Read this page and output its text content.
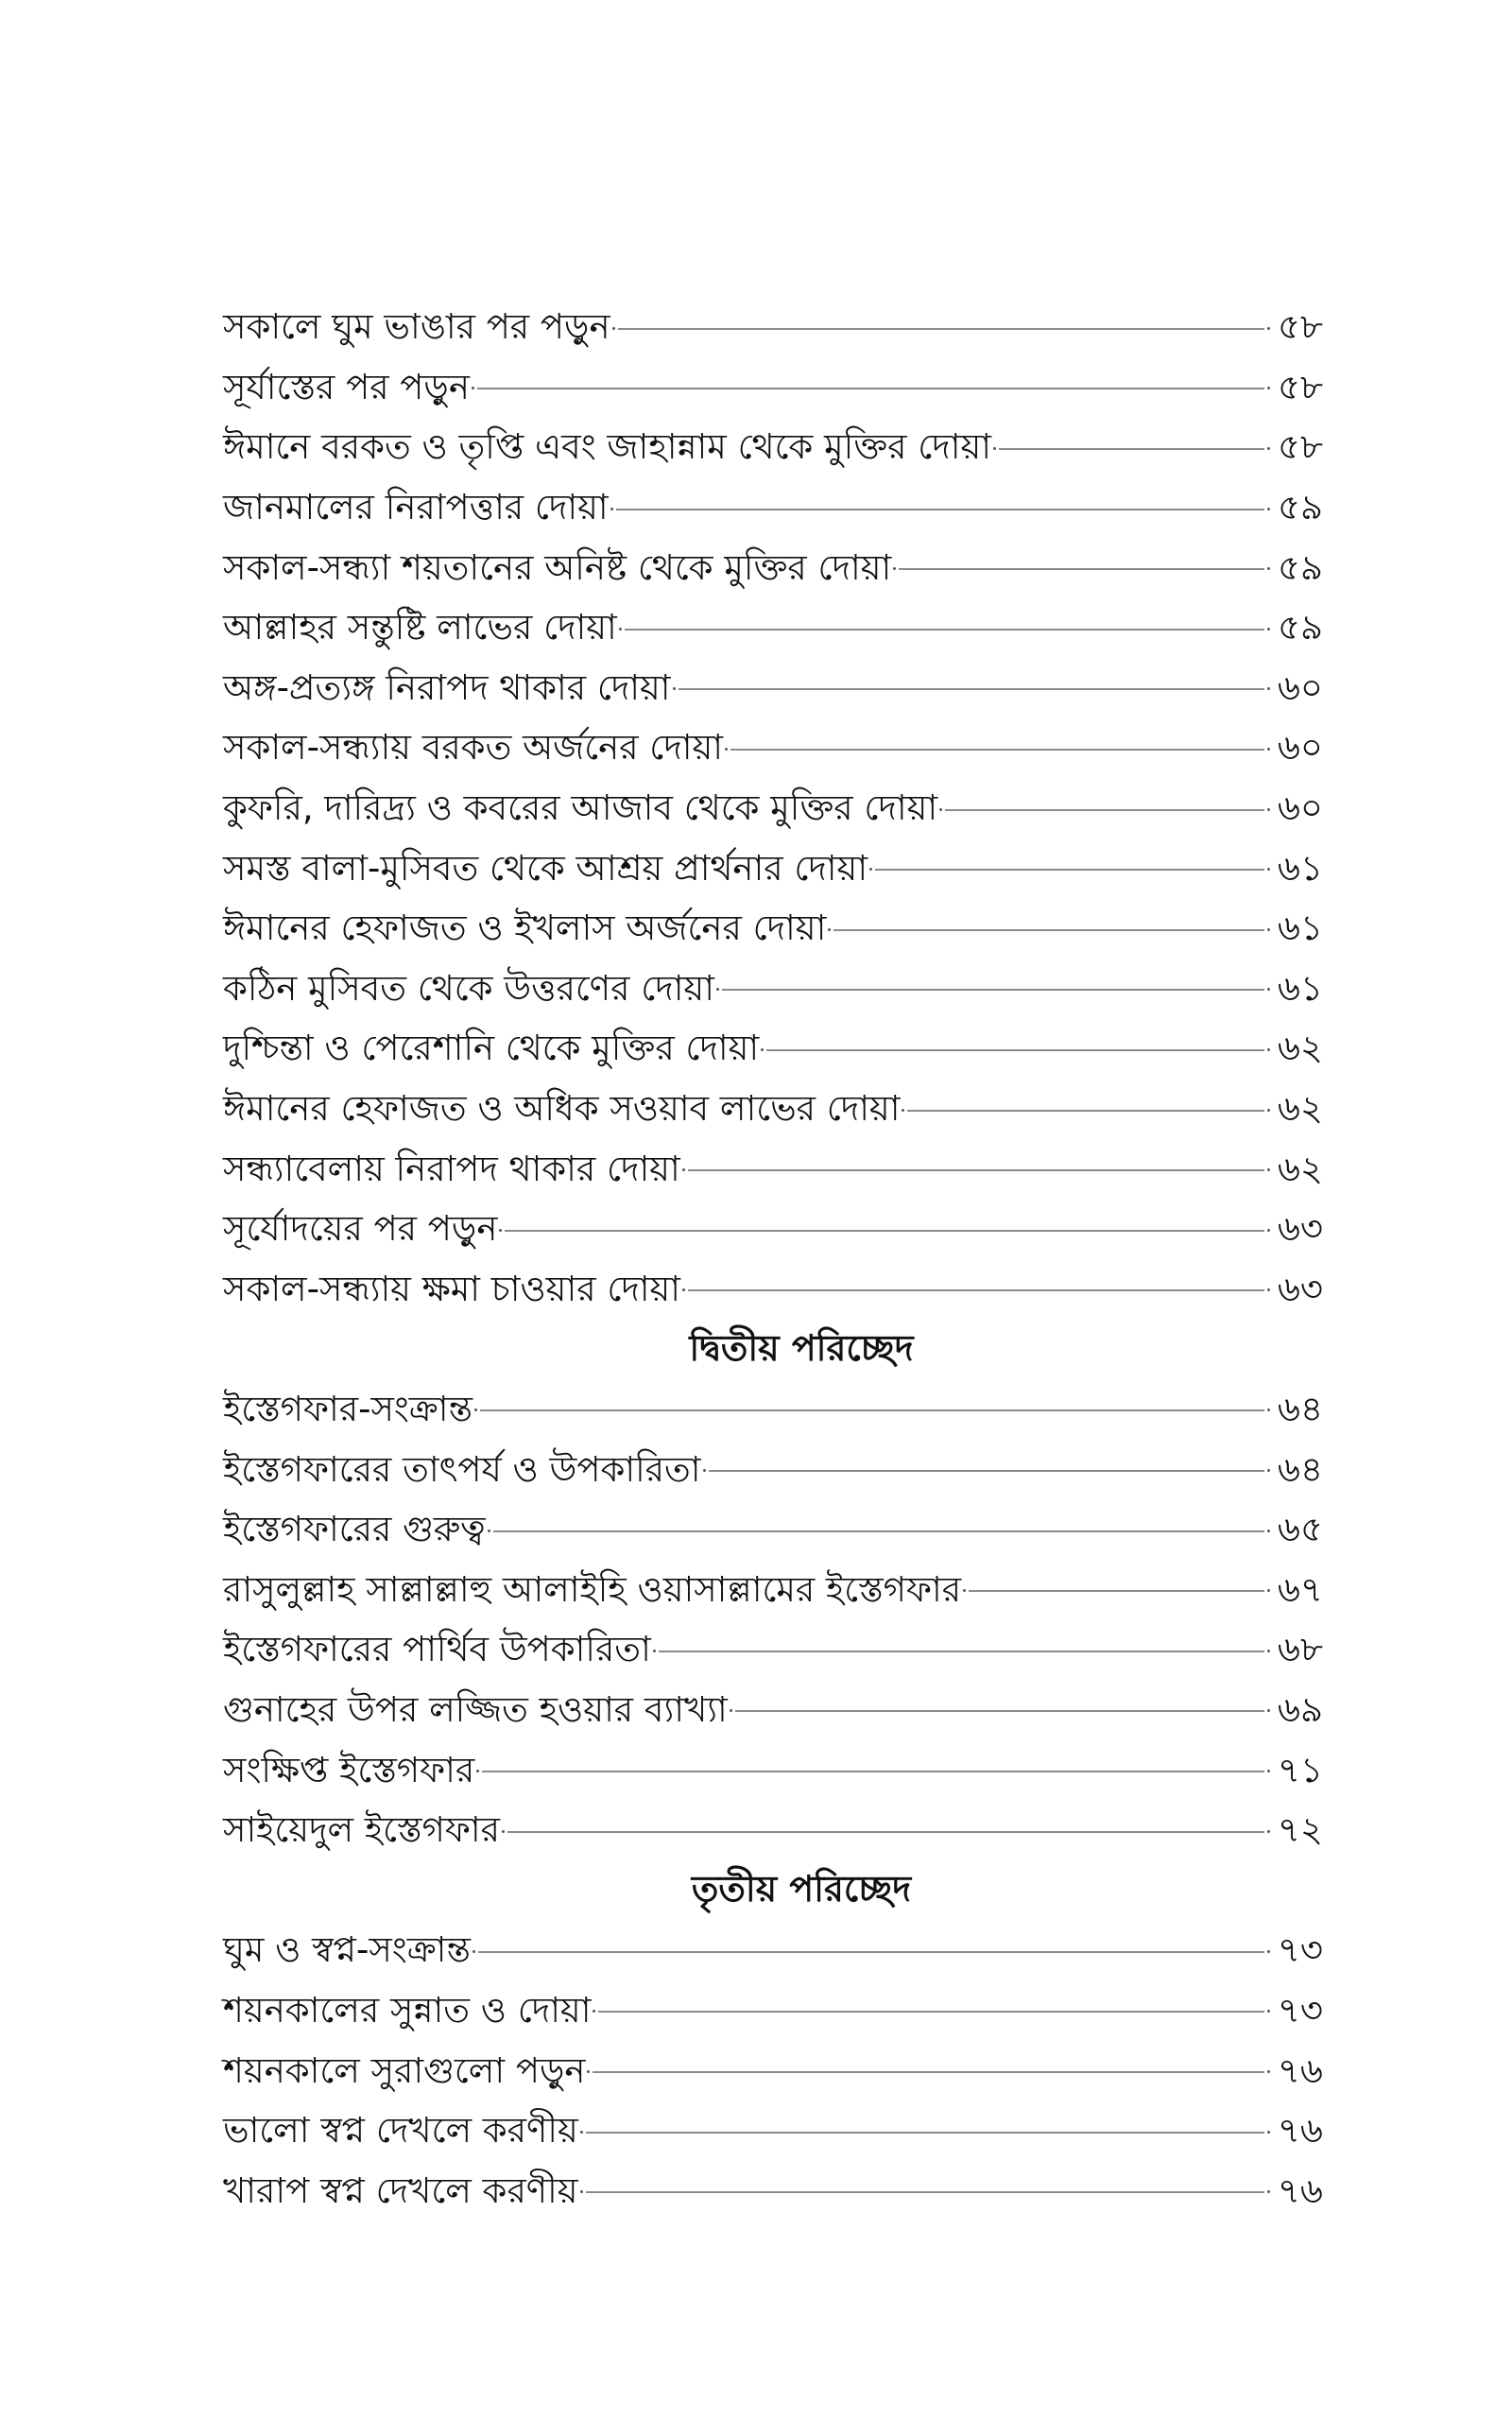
সকালে ঘুম ভাঙার পর পড়ুন	৫৮
সূর্যাস্তের পর পড়ুন	৫৮
ঈমানে বরকত ও তৃপ্তি এবং জাহান্নাম থেকে মুক্তির দোয়া	৫৮
জানমালের নিরাপত্তার দোয়া	৫৯
সকাল-সন্ধ্যা শয়তানের অনিষ্ট থেকে মুক্তির দোয়া	৫৯
আল্লাহর সন্তুষ্টি লাভের দোয়া	৫৯
অঙ্গ-প্রত্যঙ্গ নিরাপদ থাকার দোয়া	৬০
সকাল-সন্ধ্যায় বরকত অর্জনের দোয়া	৬০
কুফরি, দারিদ্র্য ও কবরের আজাব থেকে মুক্তির দোয়া	৬০
সমস্ত বালা-মুসিবত থেকে আশ্রয় প্রার্থনার দোয়া	৬১
ঈমানের হেফাজত ও ইখলাস অর্জনের দোয়া	৬১
কঠিন মুসিবত থেকে উত্তরণের দোয়া	৬১
দুশ্চিন্তা ও পেরেশানি থেকে মুক্তির দোয়া	৬২
ঈমানের হেফাজত ও অধিক সওয়াব লাভের দোয়া	৬২
সন্ধ্যাবেলায় নিরাপদ থাকার দোয়া	৬২
সূর্যোদয়ের পর পড়ুন	৬৩
সকাল-সন্ধ্যায় ক্ষমা চাওয়ার দোয়া	৬৩
দ্বিতীয় পরিচ্ছেদ
ইস্তেগফার-সংক্রান্ত	৬৪
ইস্তেগফারের তাৎপর্য ও উপকারিতা	৬৪
ইস্তেগফারের গুরুত্ব	৬৫
রাসুলুল্লাহ সাল্লাল্লাহু আলাইহি ওয়াসাল্লামের ইস্তেগফার	৬৭
ইস্তেগফারের পার্থিব উপকারিতা	৬৮
গুনাহের উপর লজ্জিত হওয়ার ব্যাখ্যা	৬৯
সংক্ষিপ্ত ইস্তেগফার	৭১
সাইয়েদুল ইস্তেগফার	৭২
তৃতীয় পরিচ্ছেদ
ঘুম ও স্বপ্ন-সংক্রান্ত	৭৩
শয়নকালের সুন্নাত ও দোয়া	৭৩
শয়নকালে সুরাগুলো পড়ুন	৭৬
ভালো স্বপ্ন দেখলে করণীয়	৭৬
খারাপ স্বপ্ন দেখলে করণীয়	৭৬
